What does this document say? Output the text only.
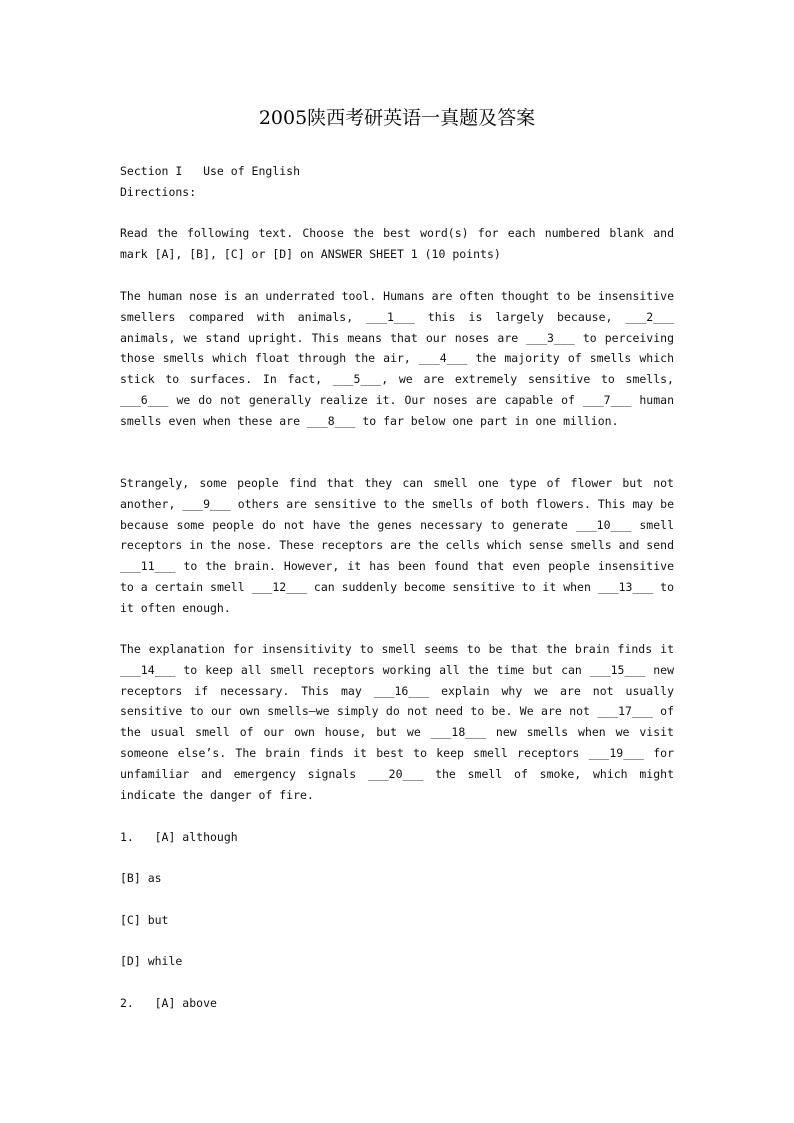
2005陕西考研英语一真题及答案
Section I   Use of English
Directions:
Read the following text. Choose the best word(s) for each numbered blank and mark [A], [B], [C] or [D] on ANSWER SHEET 1 (10 points)
The human nose is an underrated tool. Humans are often thought to be insensitive smellers compared with animals, ___1___ this is largely because, ___2___ animals, we stand upright. This means that our noses are ___3___ to perceiving those smells which float through the air, ___4___ the majority of smells which stick to surfaces. In fact, ___5___, we are extremely sensitive to smells, ___6___ we do not generally realize it. Our noses are capable of ___7___ human smells even when these are ___8___ to far below one part in one million.
Strangely, some people find that they can smell one type of flower but not another, ___9___ others are sensitive to the smells of both flowers. This may be because some people do not have the genes necessary to generate ___10___ smell receptors in the nose. These receptors are the cells which sense smells and send ___11___ to the brain. However, it has been found that even people insensitive to a certain smell ___12___ can suddenly become sensitive to it when ___13___ to it often enough.
The explanation for insensitivity to smell seems to be that the brain finds it ___14___ to keep all smell receptors working all the time but can ___15___ new receptors if necessary. This may ___16___ explain why we are not usually sensitive to our own smells—we simply do not need to be. We are not ___17___ of the usual smell of our own house, but we ___18___ new smells when we visit someone else’s. The brain finds it best to keep smell receptors ___19___ for unfamiliar and emergency signals ___20___ the smell of smoke, which might indicate the danger of fire.
1.   [A] although
[B] as
[C] but
[D] while
2.   [A] above
